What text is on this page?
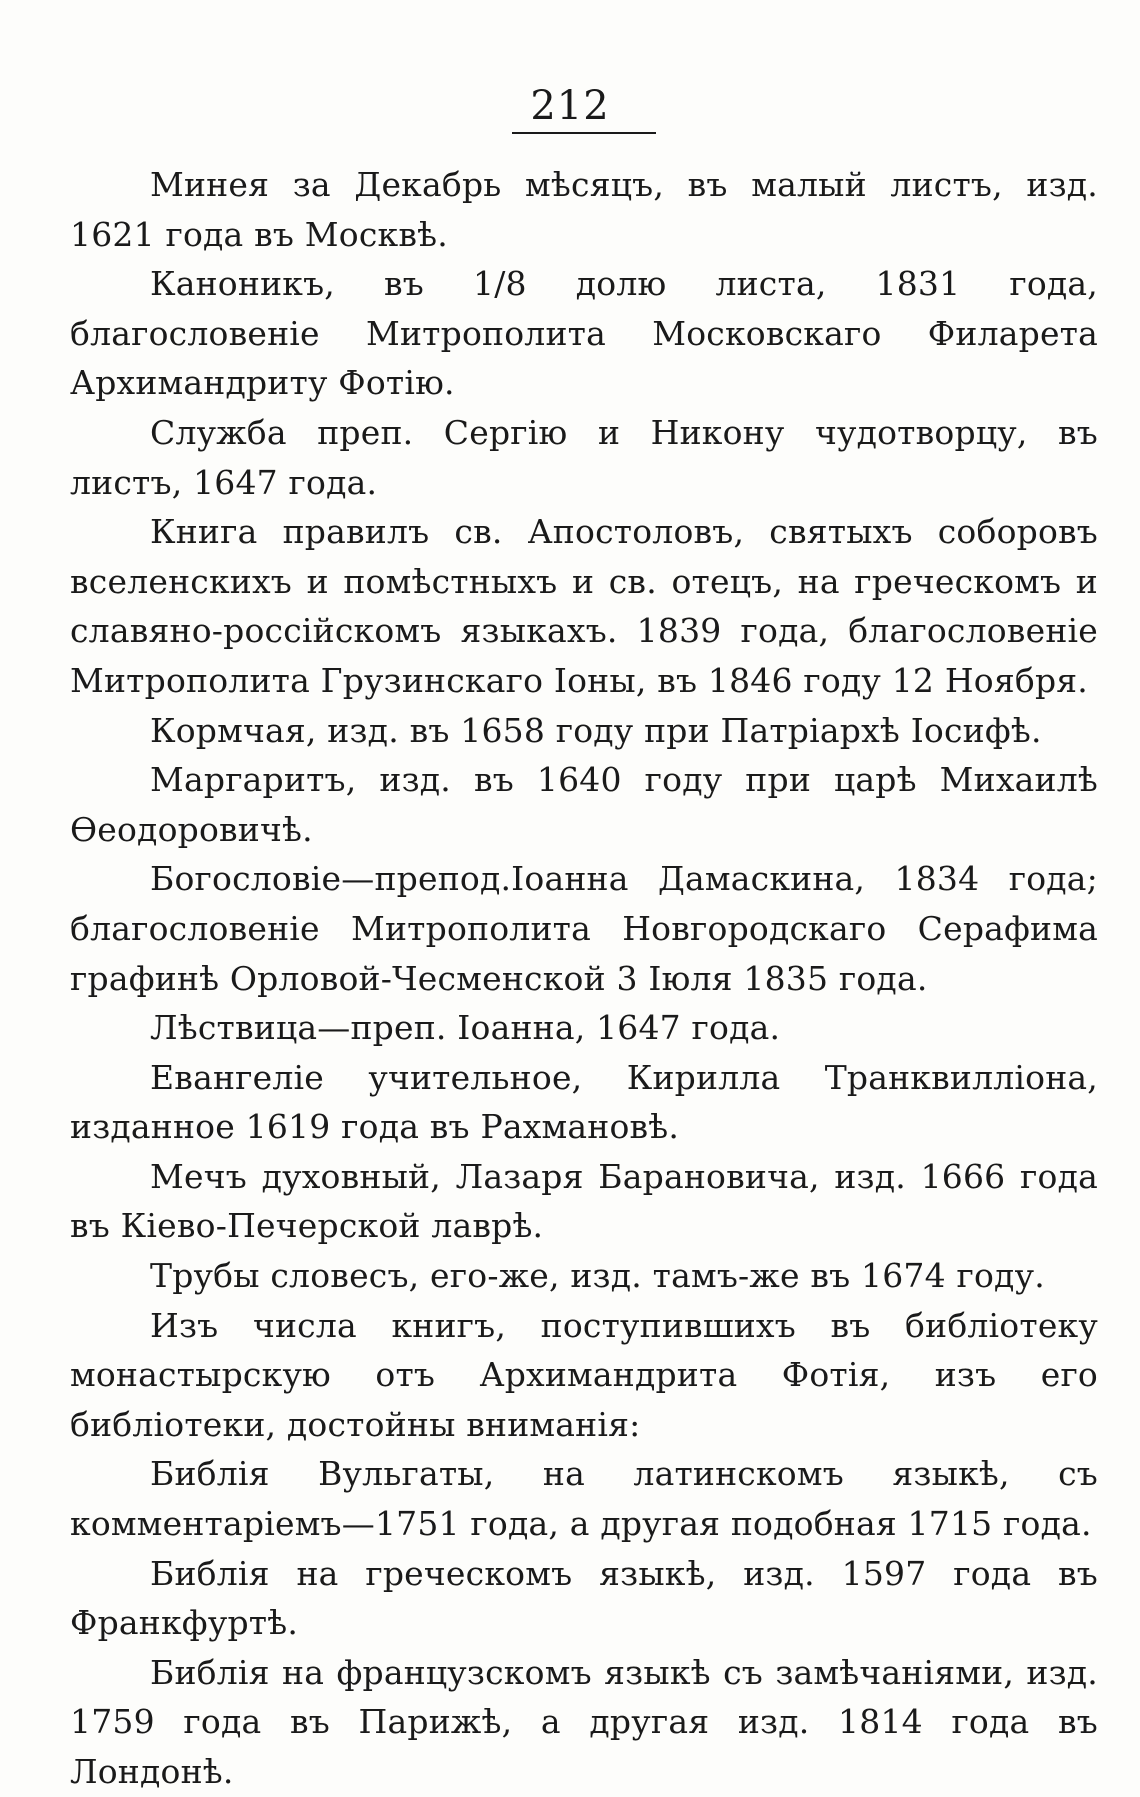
212

Минея за Декабрь мѣсяцъ, въ малый листъ, изд. 1621 года въ Москвѣ.

Каноникъ, въ 1/8 долю листа, 1831 года, благословеніе Митрополита Московскаго Филарета Архимандриту Фотію.

Служба преп. Сергію и Никону чудотворцу, въ листъ, 1647 года.

Книга правилъ св. Апостоловъ, святыхъ соборовъ вселенскихъ и помѣстныхъ и св. отецъ, на греческомъ и славяно-россійскомъ языкахъ. 1839 года, благословеніе Митрополита Грузинскаго Іоны, въ 1846 году 12 Ноября.

Кормчая, изд. въ 1658 году при Патріархѣ Іосифѣ.

Маргаритъ, изд. въ 1640 году при царѣ Михаилѣ Ѳеодоровичѣ.

Богословіе—препод.Іоанна Дамаскина, 1834 года; благословеніе Митрополита Новгородскаго Серафима графинѣ Орловой-Чесменской 3 Іюля 1835 года.

Лѣствица—преп. Іоанна, 1647 года.

Евангеліе учительное, Кирилла Транквилліона, изданное 1619 года въ Рахмановѣ.

Мечъ духовный, Лазаря Барановича, изд. 1666 года въ Кіево-Печерской лаврѣ.

Трубы словесъ, его-же, изд. тамъ-же въ 1674 году.

Изъ числа книгъ, поступившихъ въ библіотеку монастырскую отъ Архимандрита Фотія, изъ его библіотеки, достойны вниманія:

Библія Вульгаты, на латинскомъ языкѣ, съ комментаріемъ—1751 года, а другая подобная 1715 года.

Библія на греческомъ языкѣ, изд. 1597 года въ Франкфуртѣ.

Библія на французскомъ языкѣ съ замѣчаніями, изд. 1759 года въ Парижѣ, а другая изд. 1814 года въ Лондонѣ.
